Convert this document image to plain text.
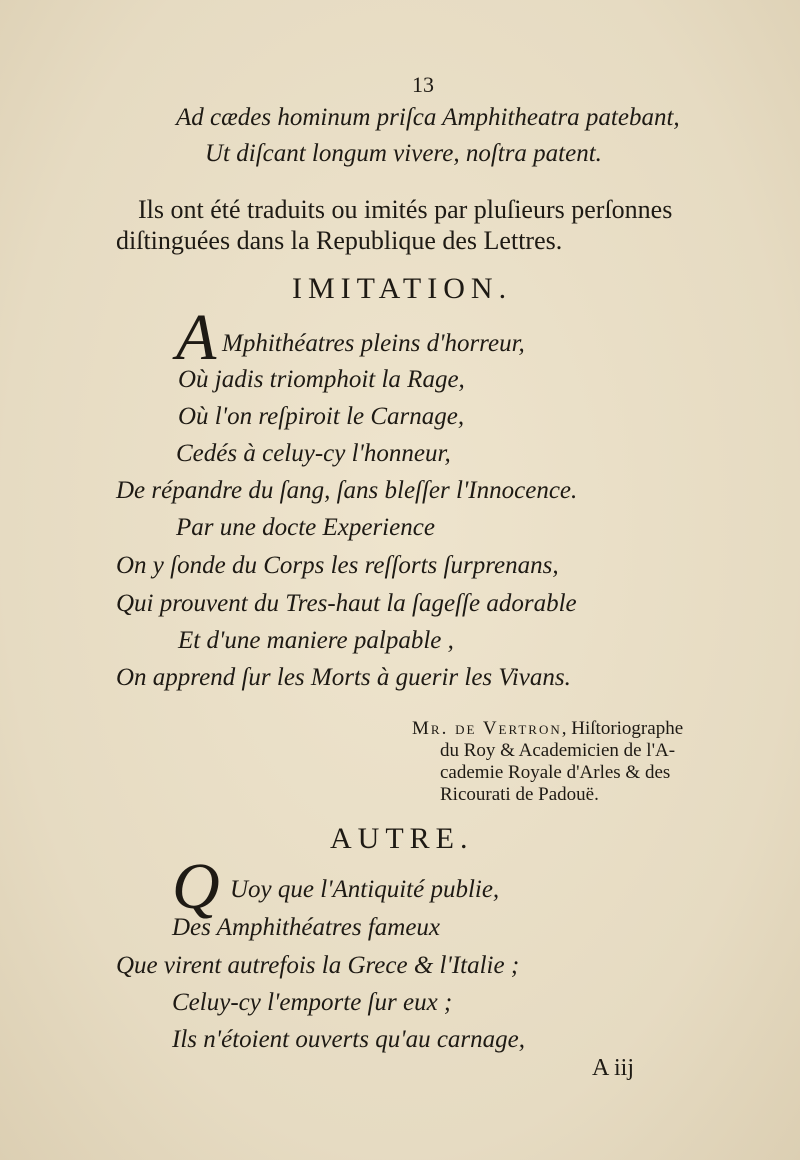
13
Ad cædes hominum priſca Amphitheatra patebant,
Ut diſcant longum vivere, noſtra patent.
Ils ont été traduits ou imités par pluſieurs perſonnes
diſtinguées dans la Republique des Lettres.
IMITATION.
A Mphithéatres pleins d'horreur,
Où jadis triomphoit la Rage,
Où l'on reſpiroit le Carnage,
Cedés à celuy-cy l'honneur,
De répandre du ſang, ſans bleſſer l'Innocence.
Par une docte Experience
On y ſonde du Corps les reſſorts ſurprenans,
Qui prouvent du Tres-haut la ſageſſe adorable
Et d'une maniere palpable ,
On apprend ſur les Morts à guerir les Vivans.
Mr. de Vertron, Hiſtoriographe
du Roy & Academicien de l'A-
cademie Royale d'Arles & des
Ricourati de Padouë.
AUTRE.
Q Uoy que l'Antiquité publie,
Des Amphithéatres fameux
Que virent autrefois la Grece & l'Italie ;
Celuy-cy l'emporte ſur eux ;
Ils n'étoient ouverts qu'au carnage,
A iij
